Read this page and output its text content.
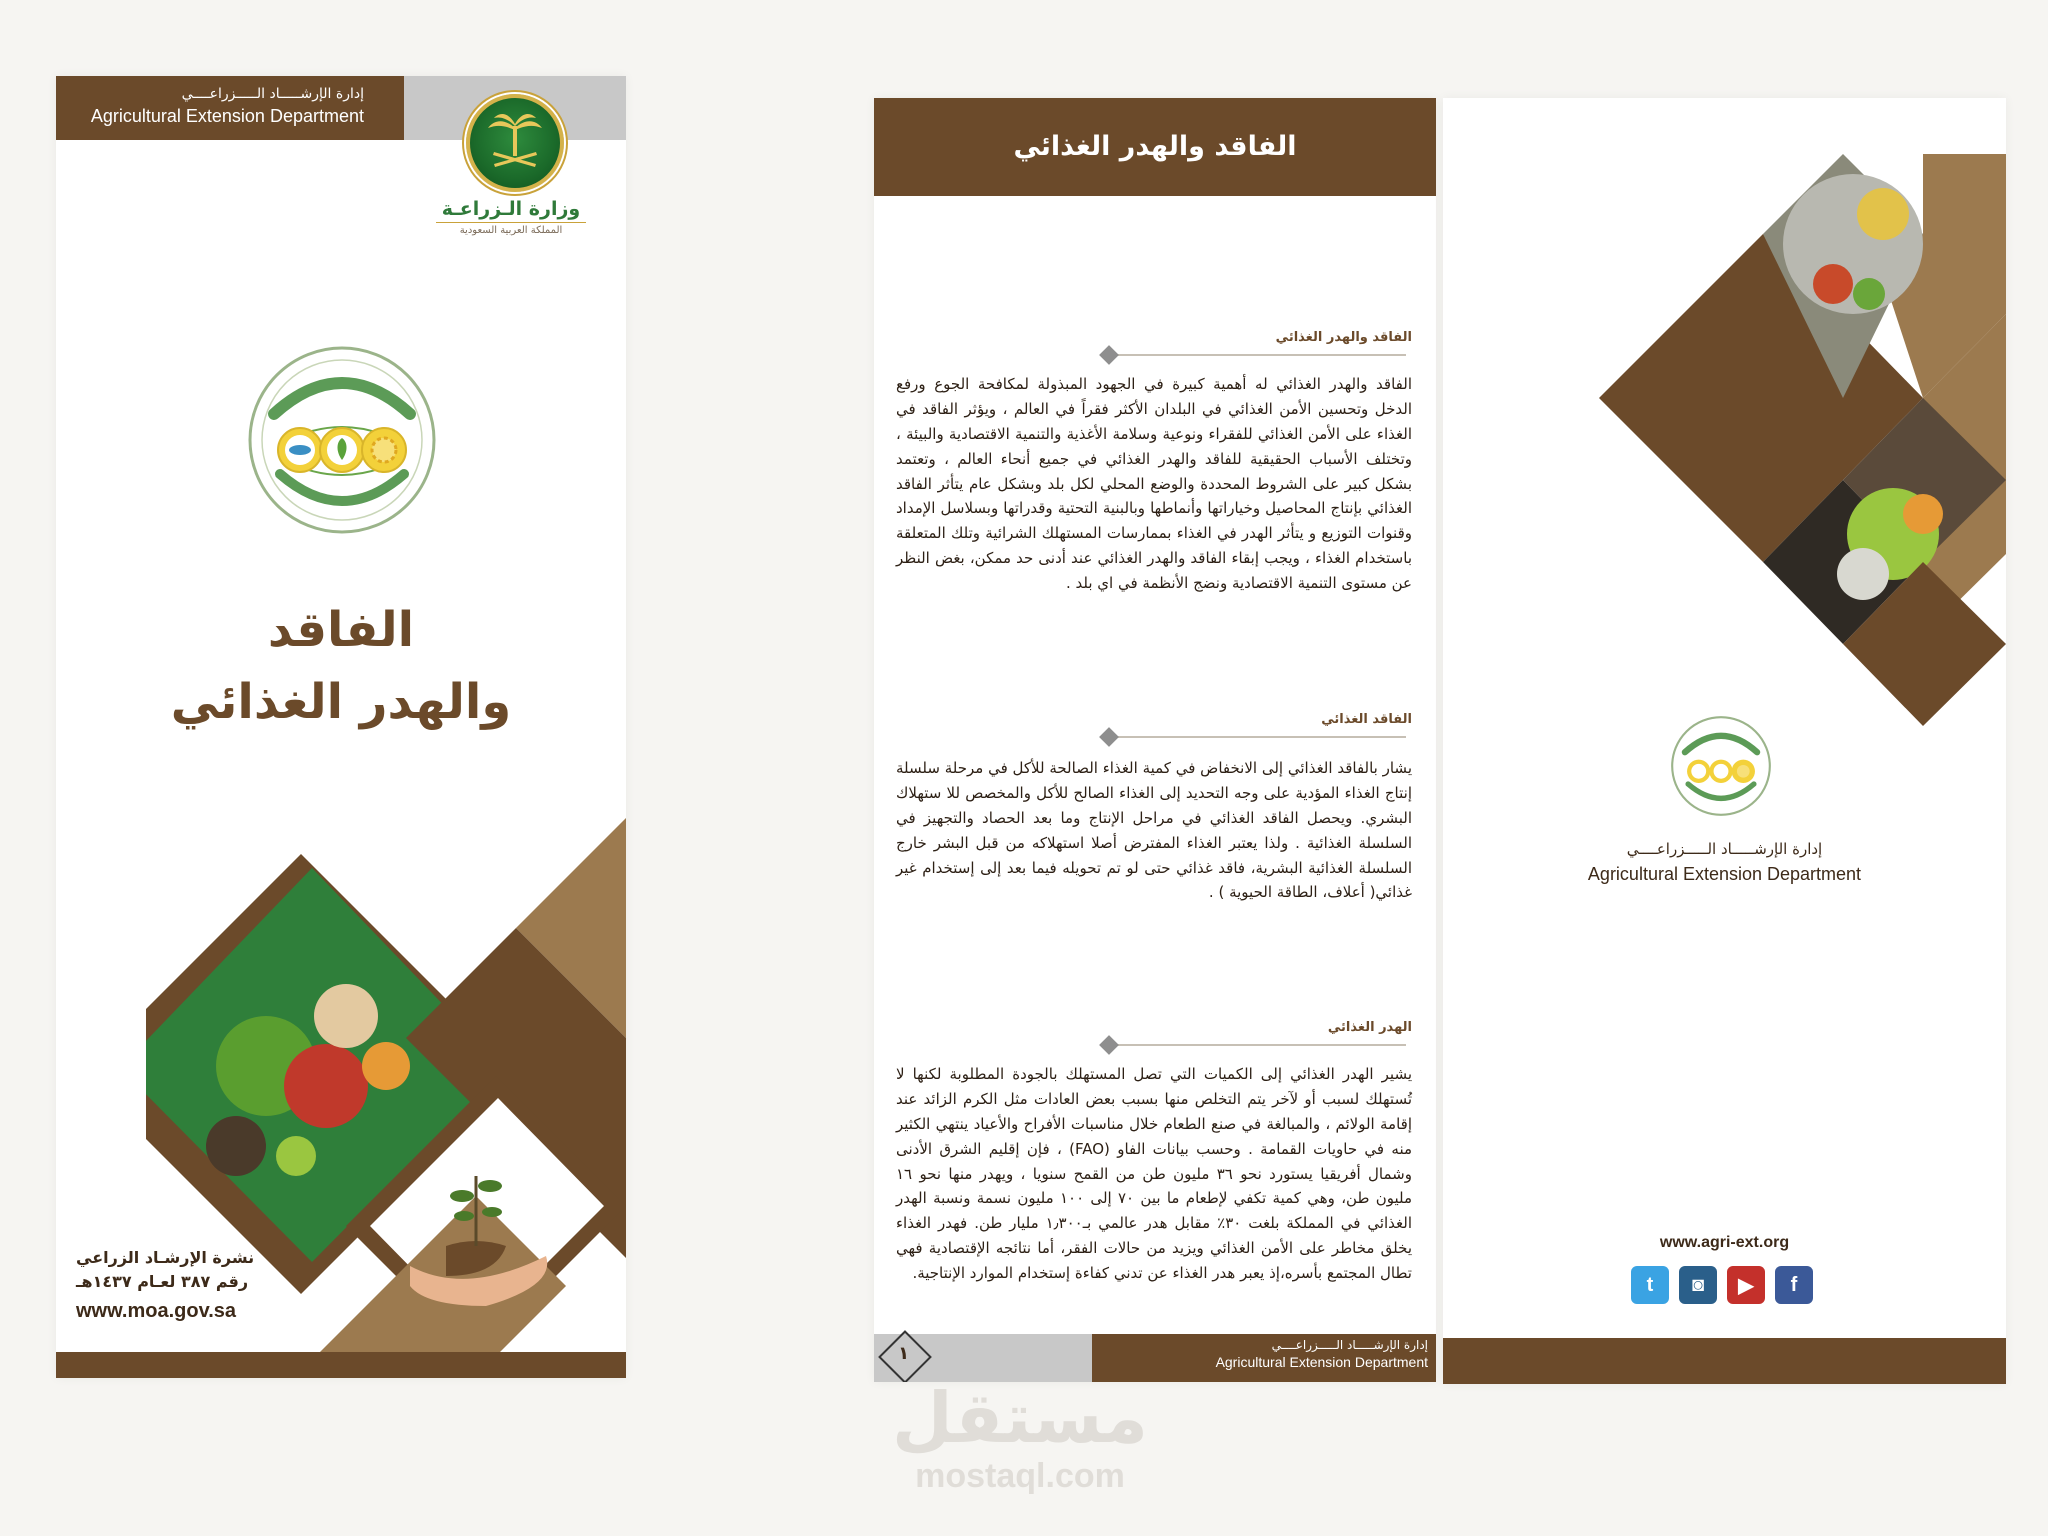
إدارة الإرشـــــاد الـــــزراعــــي
Agricultural Extension Department
وزارة الـزراعـة
المملكة العربية السعودية
الفاقد
والهدر الغذائي
نشرة الإرشـاد الزراعي
رقم ٣٨٧ لعـام ١٤٣٧هـ
www.moa.gov.sa
الفاقد والهدر الغذائي
الفاقد والهدر الغذائي
الفاقد والهدر الغذائي له أهمية كبيرة في الجهود المبذولة لمكافحة الجوع ورفع الدخل وتحسين الأمن الغذائي في البلدان الأكثر فقراً في العالم ، ويؤثر الفاقد في الغذاء على الأمن الغذائي للفقراء ونوعية وسلامة الأغذية والتنمية الاقتصادية والبيئة ، وتختلف الأسباب الحقيقية للفاقد والهدر الغذائي في جميع أنحاء العالم ، وتعتمد بشكل كبير على الشروط المحددة والوضع المحلي لكل بلد وبشكل عام يتأثر الفاقد الغذائي بإنتاج المحاصيل وخياراتها وأنماطها وبالبنية التحتية وقدراتها وبسلاسل الإمداد وقنوات التوزيع و يتأثر الهدر في الغذاء بممارسات المستهلك الشرائية وتلك المتعلقة باستخدام الغذاء ، ويجب إبقاء الفاقد والهدر الغذائي عند أدنى حد ممكن، بغض النظر عن مستوى التنمية الاقتصادية ونضج الأنظمة في اي بلد .
الفاقد الغذائي
يشار بالفاقد الغذائي إلى الانخفاض في كمية الغذاء الصالحة للأكل في مرحلة سلسلة إنتاج الغذاء المؤدية على وجه التحديد إلى الغذاء الصالح للأكل والمخصص للا ستهلاك البشري. ويحصل الفاقد الغذائي في مراحل الإنتاج وما بعد الحصاد والتجهيز في السلسلة الغذائية . ولذا يعتبر الغذاء المفترض أصلا استهلاكه من قبل البشر خارج السلسلة الغذائية البشرية، فاقد غذائي حتى لو تم تحويله فيما بعد إلى إستخدام غير غذائي( أعلاف، الطاقة الحيوية ) .
الهدر الغذائي
يشير الهدر الغذائي إلى الكميات التي تصل المستهلك بالجودة المطلوبة لكنها لا تُستهلك لسبب أو لآخر يتم التخلص منها بسبب بعض العادات مثل الكرم الزائد عند إقامة الولائم ، والمبالغة في صنع الطعام خلال مناسبات الأفراح والأعياد ينتهي الكثير منه في حاويات القمامة . وحسب بيانات الفاو (FAO) ، فإن إقليم الشرق الأدنى وشمال أفريقيا يستورد نحو ٣٦ مليون طن من القمح سنويا ، ويهدر منها نحو ١٦ مليون طن، وهي كمية تكفي لإطعام ما بين ٧٠ إلى ١٠٠ مليون نسمة ونسبة الهدر الغذائي في المملكة بلغت ٣٠٪ مقابل هدر عالمي بـ١٫٣٠٠ مليار طن. فهدر الغذاء يخلق مخاطر على الأمن الغذائي ويزيد من حالات الفقر، أما نتائجه الإقتصادية فهي تطال المجتمع بأسره،إذ يعبر هدر الغذاء عن تدني كفاءة إستخدام الموارد الإنتاجية.
١	إدارة الإرشـــــاد الـــــزراعــــي
Agricultural Extension Department
إدارة الإرشـــــاد الـــــزراعــــي
Agricultural Extension Department
www.agri-ext.org
t ◙ ▶ f
مستقل
mostaql.com
